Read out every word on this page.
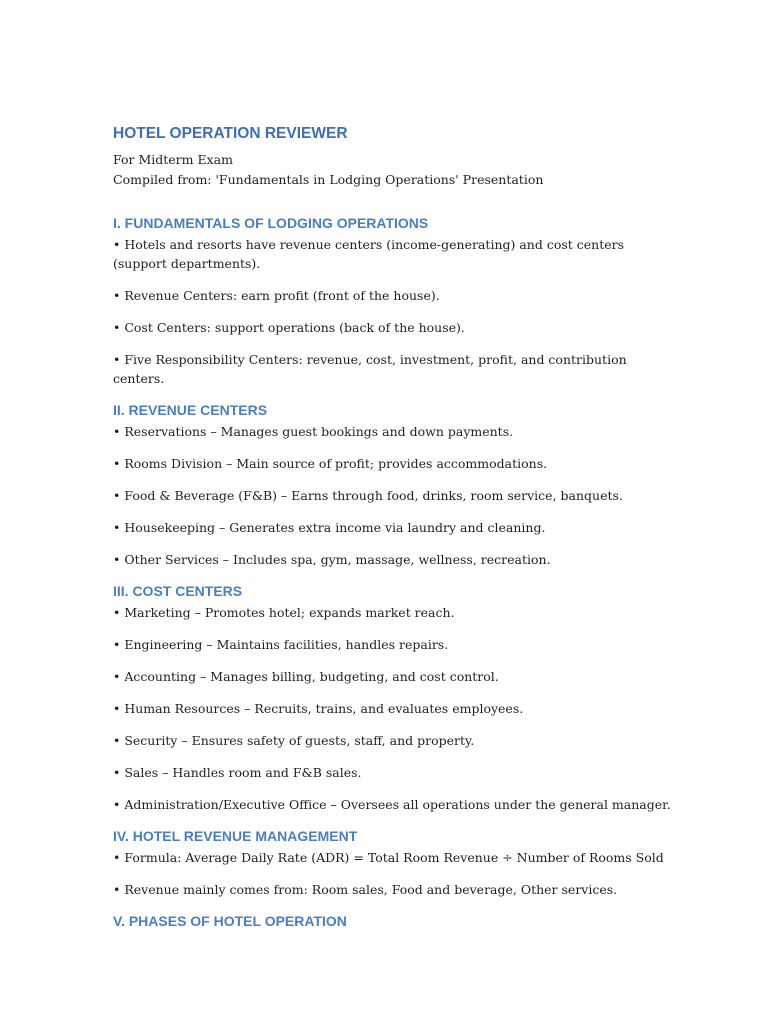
HOTEL OPERATION REVIEWER

For Midterm Exam

Compiled from: 'Fundamentals in Lodging Operations' Presentation

I. FUNDAMENTALS OF LODGING OPERATIONS

• Hotels and resorts have revenue centers (income-generating) and cost centers (support departments).

• Revenue Centers: earn profit (front of the house).

• Cost Centers: support operations (back of the house).

• Five Responsibility Centers: revenue, cost, investment, profit, and contribution centers.

II. REVENUE CENTERS

• Reservations – Manages guest bookings and down payments.

• Rooms Division – Main source of profit; provides accommodations.

• Food & Beverage (F&B) – Earns through food, drinks, room service, banquets.

• Housekeeping – Generates extra income via laundry and cleaning.

• Other Services – Includes spa, gym, massage, wellness, recreation.

III. COST CENTERS

• Marketing – Promotes hotel; expands market reach.

• Engineering – Maintains facilities, handles repairs.

• Accounting – Manages billing, budgeting, and cost control.

• Human Resources – Recruits, trains, and evaluates employees.

• Security – Ensures safety of guests, staff, and property.

• Sales – Handles room and F&B sales.

• Administration/Executive Office – Oversees all operations under the general manager.

IV. HOTEL REVENUE MANAGEMENT

• Formula: Average Daily Rate (ADR) = Total Room Revenue ÷ Number of Rooms Sold

• Revenue mainly comes from: Room sales, Food and beverage, Other services.

V. PHASES OF HOTEL OPERATION
